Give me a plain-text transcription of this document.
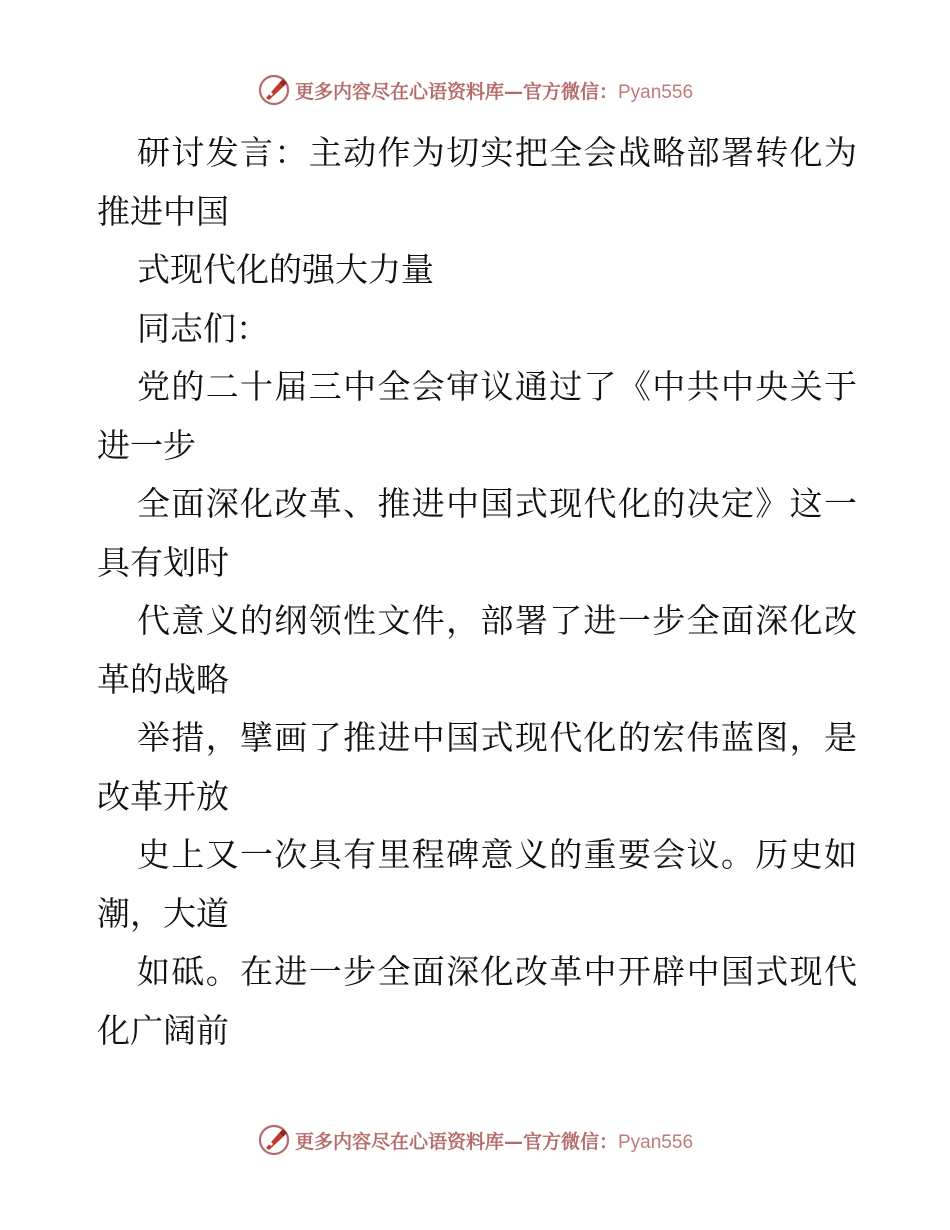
更多内容尽在心语资料库—官方微信：Pyan556
研讨发言：主动作为切实把全会战略部署转化为
推进中国
式现代化的强大力量
同志们：
党的二十届三中全会审议通过了《中共中央关于
进一步
全面深化改革、推进中国式现代化的决定》这一
具有划时
代意义的纲领性文件，部署了进一步全面深化改
革的战略
举措，擘画了推进中国式现代化的宏伟蓝图，是
改革开放
史上又一次具有里程碑意义的重要会议。历史如
潮，大道
如砥。在进一步全面深化改革中开辟中国式现代
化广阔前
更多内容尽在心语资料库—官方微信：Pyan556
